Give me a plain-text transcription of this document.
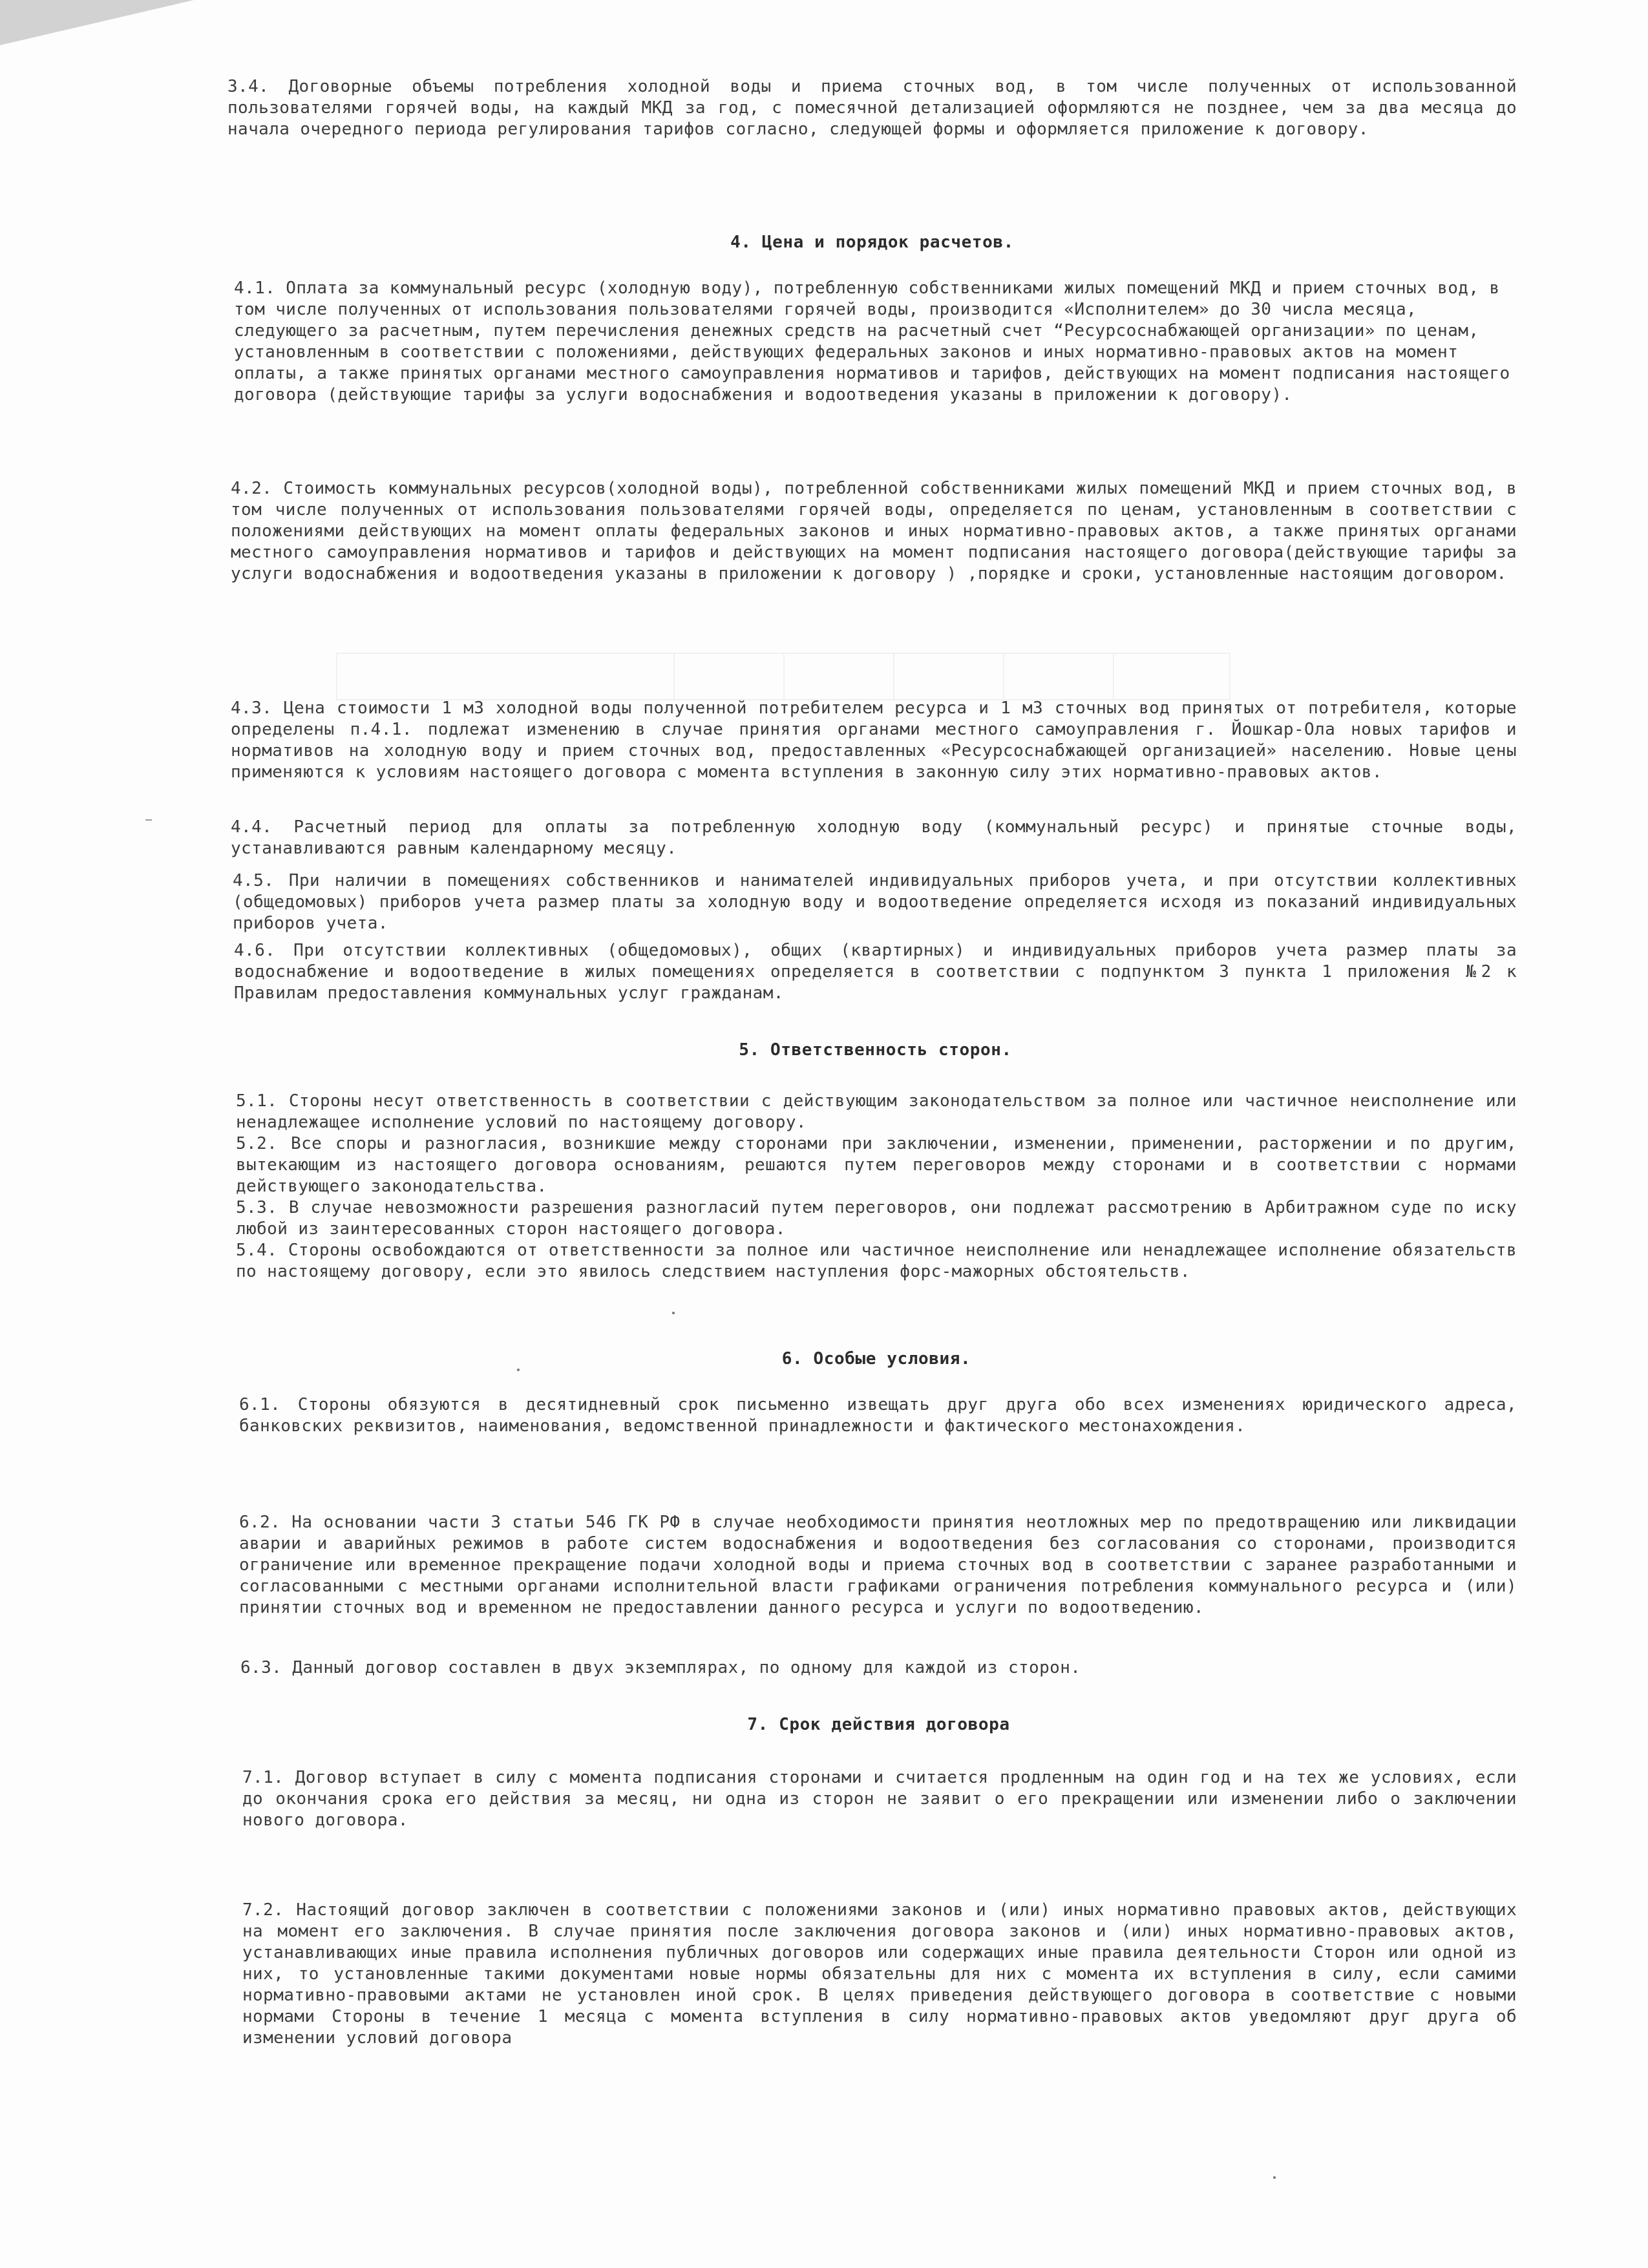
3.4. Договорные объемы потребления холодной воды и приема сточных вод, в том числе полученных от использованной пользователями горячей воды, на каждый МКД за год, с помесячной детализацией оформляются не позднее, чем за два месяца до начала очередного периода регулирования тарифов согласно, следующей формы и оформляется приложение к договору.

4. Цена и порядок расчетов.

4.1. Оплата за коммунальный ресурс (холодную воду), потребленную собственниками жилых помещений МКД и прием сточных вод, в том числе полученных от использования пользователями горячей воды, производится «Исполнителем» до 30 числа месяца, следующего за расчетным, путем перечисления денежных средств на расчетный счет “Ресурсоснабжающей организации» по ценам, установленным в соответствии с положениями, действующих федеральных законов и иных нормативно-правовых актов на момент оплаты, а также принятых органами местного самоуправления нормативов и тарифов, действующих на момент подписания настоящего договора (действующие тарифы за услуги водоснабжения и водоотведения указаны в приложении к договору).

4.2. Стоимость коммунальных ресурсов(холодной воды), потребленной собственниками жилых помещений МКД и прием сточных вод, в том числе полученных от использования пользователями горячей воды, определяется по ценам, установленным в соответствии с положениями действующих на момент оплаты федеральных законов и иных нормативно-правовых актов, а также принятых органами местного самоуправления нормативов и тарифов и действующих на момент подписания настоящего договора(действующие тарифы за услуги водоснабжения и водоотведения указаны в приложении к договору ) ,порядке и сроки, установленные настоящим договором.

4.3. Цена стоимости 1 м3 холодной воды полученной потребителем ресурса и 1 м3 сточных вод принятых от потребителя, которые определены п.4.1. подлежат изменению в случае принятия органами местного самоуправления г. Йошкар-Ола новых тарифов и нормативов на холодную воду и прием сточных вод, предоставленных «Ресурсоснабжающей организацией» населению. Новые цены применяются к условиям настоящего договора с момента вступления в законную силу этих нормативно-правовых актов.

4.4. Расчетный период для оплаты за потребленную холодную воду (коммунальный ресурс) и принятые сточные воды, устанавливаются равным календарному месяцу.

4.5. При наличии в помещениях собственников и нанимателей индивидуальных приборов учета, и при отсутствии коллективных (общедомовых) приборов учета размер платы за холодную воду и водоотведение определяется исходя из показаний индивидуальных приборов учета.

4.6. При отсутствии коллективных (общедомовых), общих (квартирных) и индивидуальных приборов учета размер платы за водоснабжение и водоотведение в жилых помещениях определяется в соответствии с подпунктом 3 пункта 1 приложения №2 к Правилам предоставления коммунальных услуг гражданам.

5. Ответственность сторон.

5.1. Стороны несут ответственность в соответствии с действующим законодательством за полное или частичное неисполнение или ненадлежащее исполнение условий по настоящему договору.

5.2. Все споры и разногласия, возникшие между сторонами при заключении, изменении, применении, расторжении и по другим, вытекающим из настоящего договора основаниям, решаются путем переговоров между сторонами и в соответствии с нормами действующего законодательства.

5.3. В случае невозможности разрешения разногласий путем переговоров, они подлежат рассмотрению в Арбитражном суде по иску любой из заинтересованных сторон настоящего договора.

5.4. Стороны освобождаются от ответственности за полное или частичное неисполнение или ненадлежащее исполнение обязательств по настоящему договору, если это явилось следствием наступления форс-мажорных обстоятельств.

6. Особые условия.

6.1. Стороны обязуются в десятидневный срок письменно извещать друг друга обо всех изменениях юридического адреса, банковских реквизитов, наименования, ведомственной принадлежности и фактического местонахождения.

6.2. На основании части 3 статьи 546 ГК РФ в случае необходимости принятия неотложных мер по предотвращению или ликвидации аварии и аварийных режимов в работе систем водоснабжения и водоотведения без согласования со сторонами, производится ограничение или временное прекращение подачи холодной воды и приема сточных вод в соответствии с заранее разработанными и согласованными с местными органами исполнительной власти графиками ограничения потребления коммунального ресурса и (или) принятии сточных вод и временном не предоставлении данного ресурса и услуги по водоотведению.

6.3. Данный договор составлен в двух экземплярах, по одному для каждой из сторон.

7. Срок действия договора

7.1. Договор вступает в силу с момента подписания сторонами и считается продленным на один год и на тех же условиях, если до окончания срока его действия за месяц, ни одна из сторон не заявит о его прекращении или изменении либо о заключении нового договора.

7.2. Настоящий договор заключен в соответствии с положениями законов и (или) иных нормативно правовых актов, действующих на момент его заключения. В случае принятия после заключения договора законов и (или) иных нормативно-правовых актов, устанавливающих иные правила исполнения публичных договоров или содержащих иные правила деятельности Сторон или одной из них, то установленные такими документами новые нормы обязательны для них с момента их вступления в силу, если самими нормативно-правовыми актами не установлен иной срок. В целях приведения действующего договора в соответствие с новыми нормами Стороны в течение 1 месяца с момента вступления в силу нормативно-правовых актов уведомляют друг друга об изменении условий договора
